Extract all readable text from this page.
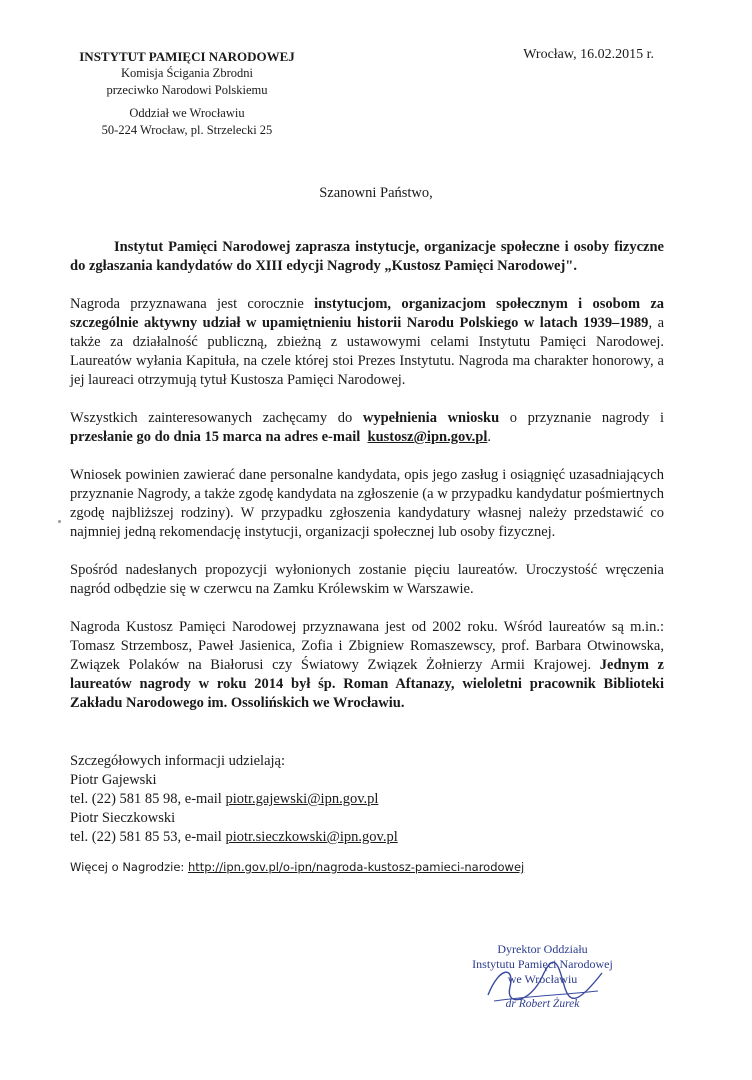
INSTYTUT PAMIĘCI NARODOWEJ
Komisja Ścigania Zbrodni
przeciwko Narodowi Polskiemu
Oddział we Wrocławiu
50-224 Wrocław, pl. Strzelecki 25
Wrocław, 16.02.2015 r.
Szanowni Państwo,

Instytut Pamięci Narodowej zaprasza instytucje, organizacje społeczne i osoby fizyczne do zgłaszania kandydatów do XIII edycji Nagrody „Kustosz Pamięci Narodowej".

Nagroda przyznawana jest corocznie instytucjom, organizacjom społecznym i osobom za szczególnie aktywny udział w upamiętnieniu historii Narodu Polskiego w latach 1939–1989, a także za działalność publiczną, zbieżną z ustawowymi celami Instytutu Pamięci Narodowej. Laureatów wyłania Kapituła, na czele której stoi Prezes Instytutu. Nagroda ma charakter honorowy, a jej laureaci otrzymują tytuł Kustosza Pamięci Narodowej.

Wszystkich zainteresowanych zachęcamy do wypełnienia wniosku o przyznanie nagrody i przesłanie go do dnia 15 marca na adres e-mail kustosz@ipn.gov.pl.

Wniosek powinien zawierać dane personalne kandydata, opis jego zasług i osiągnięć uzasadniających przyznanie Nagrody, a także zgodę kandydata na zgłoszenie (a w przypadku kandydatur pośmiertnych zgodę najbliższej rodziny). W przypadku zgłoszenia kandydatury własnej należy przedstawić co najmniej jedną rekomendację instytucji, organizacji społecznej lub osoby fizycznej.

Spośród nadesłanych propozycji wyłonionych zostanie pięciu laureatów. Uroczystość wręczenia nagród odbędzie się w czerwcu na Zamku Królewskim w Warszawie.

Nagroda Kustosz Pamięci Narodowej przyznawana jest od 2002 roku. Wśród laureatów są m.in.: Tomasz Strzembosz, Paweł Jasienica, Zofia i Zbigniew Romaszewscy, prof. Barbara Otwinowska, Związek Polaków na Białorusi czy Światowy Związek Żołnierzy Armii Krajowej. Jednym z laureatów nagrody w roku 2014 był śp. Roman Aftanazy, wieloletni pracownik Biblioteki Zakładu Narodowego im. Ossolińskich we Wrocławiu.

Szczegółowych informacji udzielają:
Piotr Gajewski
tel. (22) 581 85 98, e-mail piotr.gajewski@ipn.gov.pl
Piotr Sieczkowski
tel. (22) 581 85 53, e-mail piotr.sieczkowski@ipn.gov.pl
Więcej o Nagrodzie: http://ipn.gov.pl/o-ipn/nagroda-kustosz-pamieci-narodowej
Dyrektor Oddziału
Instytutu Pamięci Narodowej
we Wrocławiu
dr Robert Żurek
